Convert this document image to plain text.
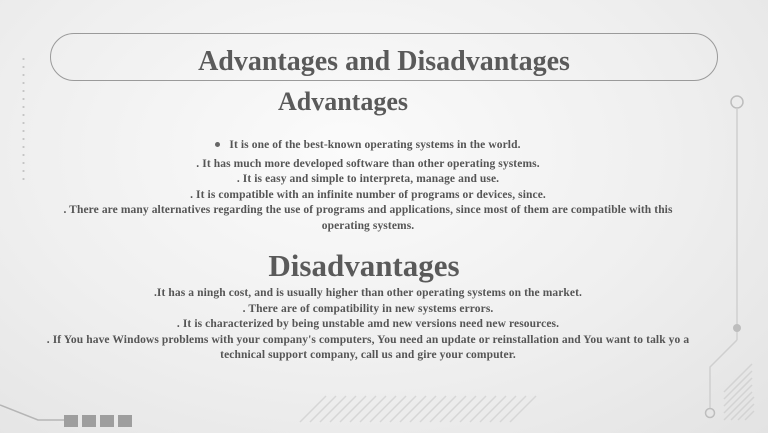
Advantages and Disadvantages
Advantages
It is one of the best-known operating systems in the world.
. It has much more developed software than other operating systems.
. It is easy and simple to interpreta, manage and use.
. It is compatible with an infinite number of programs or devices, since.
. There are many alternatives regarding the use of programs and applications, since most of them are compatible with this operating systems.
Disadvantages
.It has a ningh cost, and is usually higher than other operating systems on the market.
. There are of compatibility in new systems errors.
. It is characterized by being unstable amd new versions need new resources.
. If You have Windows problems with your company's computers, You need an update or reinstallation and You want to talk yo a technical support company, call us and gire your computer.
